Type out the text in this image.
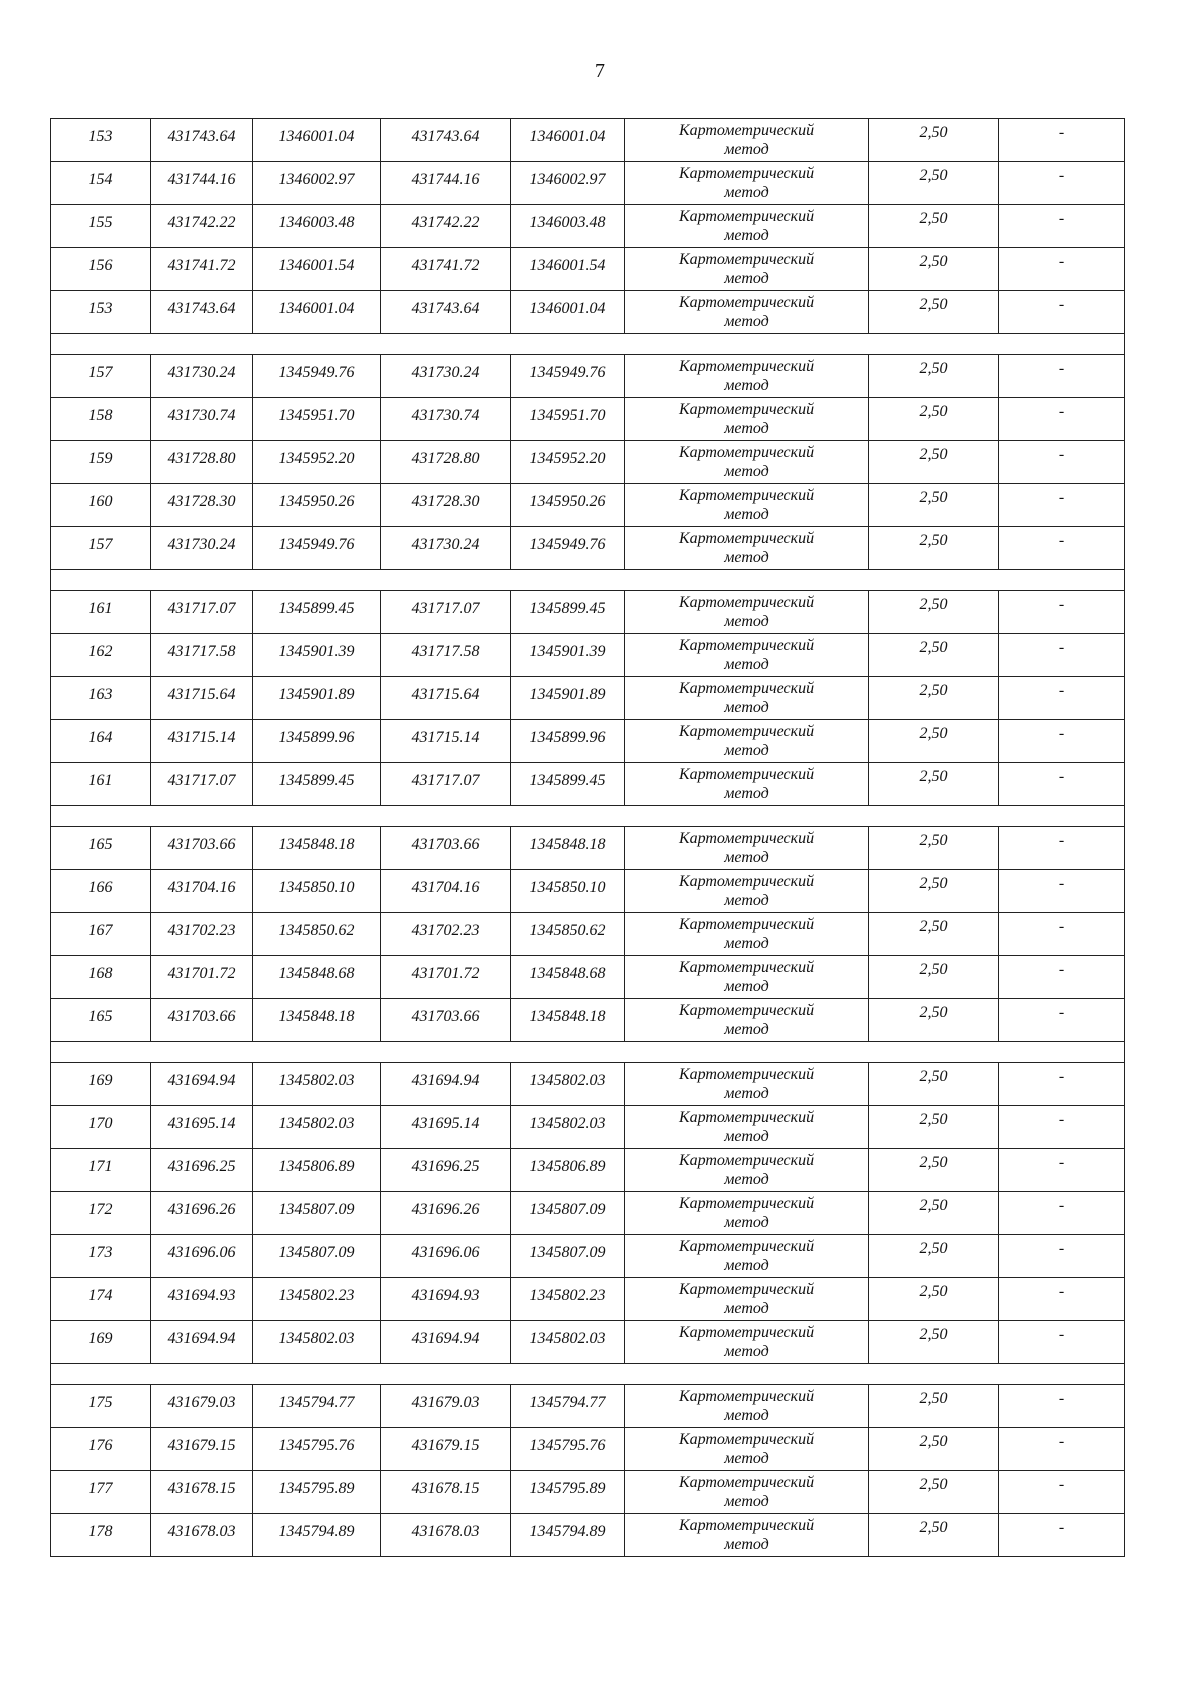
7
153	431743.64	1346001.04	431743.64	1346001.04	Картометрический
метод	2,50	-
154	431744.16	1346002.97	431744.16	1346002.97	Картометрический
метод	2,50	-
155	431742.22	1346003.48	431742.22	1346003.48	Картометрический
метод	2,50	-
156	431741.72	1346001.54	431741.72	1346001.54	Картометрический
метод	2,50	-
153	431743.64	1346001.04	431743.64	1346001.04	Картометрический
метод	2,50	-

157	431730.24	1345949.76	431730.24	1345949.76	Картометрический
метод	2,50	-
158	431730.74	1345951.70	431730.74	1345951.70	Картометрический
метод	2,50	-
159	431728.80	1345952.20	431728.80	1345952.20	Картометрический
метод	2,50	-
160	431728.30	1345950.26	431728.30	1345950.26	Картометрический
метод	2,50	-
157	431730.24	1345949.76	431730.24	1345949.76	Картометрический
метод	2,50	-

161	431717.07	1345899.45	431717.07	1345899.45	Картометрический
метод	2,50	-
162	431717.58	1345901.39	431717.58	1345901.39	Картометрический
метод	2,50	-
163	431715.64	1345901.89	431715.64	1345901.89	Картометрический
метод	2,50	-
164	431715.14	1345899.96	431715.14	1345899.96	Картометрический
метод	2,50	-
161	431717.07	1345899.45	431717.07	1345899.45	Картометрический
метод	2,50	-

165	431703.66	1345848.18	431703.66	1345848.18	Картометрический
метод	2,50	-
166	431704.16	1345850.10	431704.16	1345850.10	Картометрический
метод	2,50	-
167	431702.23	1345850.62	431702.23	1345850.62	Картометрический
метод	2,50	-
168	431701.72	1345848.68	431701.72	1345848.68	Картометрический
метод	2,50	-
165	431703.66	1345848.18	431703.66	1345848.18	Картометрический
метод	2,50	-

169	431694.94	1345802.03	431694.94	1345802.03	Картометрический
метод	2,50	-
170	431695.14	1345802.03	431695.14	1345802.03	Картометрический
метод	2,50	-
171	431696.25	1345806.89	431696.25	1345806.89	Картометрический
метод	2,50	-
172	431696.26	1345807.09	431696.26	1345807.09	Картометрический
метод	2,50	-
173	431696.06	1345807.09	431696.06	1345807.09	Картометрический
метод	2,50	-
174	431694.93	1345802.23	431694.93	1345802.23	Картометрический
метод	2,50	-
169	431694.94	1345802.03	431694.94	1345802.03	Картометрический
метод	2,50	-

175	431679.03	1345794.77	431679.03	1345794.77	Картометрический
метод	2,50	-
176	431679.15	1345795.76	431679.15	1345795.76	Картометрический
метод	2,50	-
177	431678.15	1345795.89	431678.15	1345795.89	Картометрический
метод	2,50	-
178	431678.03	1345794.89	431678.03	1345794.89	Картометрический
метод	2,50	-
